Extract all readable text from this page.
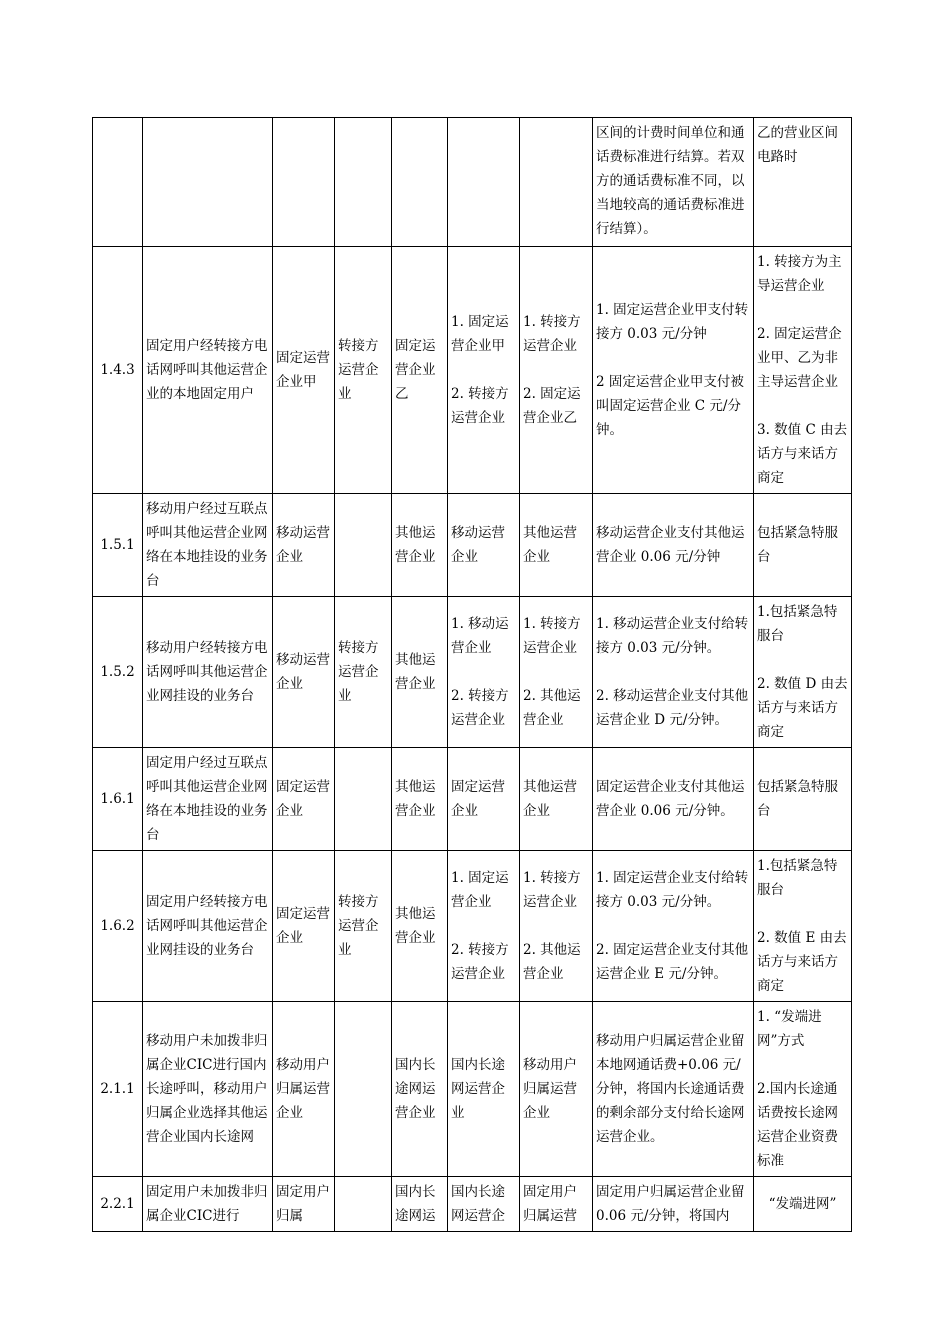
							区间的计费时间单位和通话费标准进行结算。若双方的通话费标准不同，以当地较高的通话费标准进行结算）。	乙的营业区间电路时

1.4.3	固定用户经转接方电话网呼叫其他运营企业的本地固定用户	固定运营企业甲	转接方运营企业	固定运营企业乙	1. 固定运营企业甲
2. 转接方运营企业	1. 转接方运营企业
2. 固定运营企业乙	1. 固定运营企业甲支付转接方 0.03 元/分钟
2 固定运营企业甲支付被叫固定运营企业 C 元/分钟。	1. 转接方为主导运营企业
2. 固定运营企业甲、乙为非主导运营企业
3. 数值 C 由去话方与来话方商定

1.5.1	移动用户经过互联点呼叫其他运营企业网络在本地挂设的业务台	移动运营企业		其他运营企业	移动运营企业	其他运营企业	移动运营企业支付其他运营企业 0.06 元/分钟	包括紧急特服台

1.5.2	移动用户经转接方电话网呼叫其他运营企业网挂设的业务台	移动运营企业	转接方运营企业	其他运营企业	1. 移动运营企业
2. 转接方运营企业	1. 转接方运营企业
2. 其他运营企业	1. 移动运营企业支付给转接方 0.03 元/分钟。
2. 移动运营企业支付其他运营企业 D 元/分钟。	1.包括紧急特服台
2. 数值 D 由去话方与来话方商定

1.6.1	固定用户经过互联点呼叫其他运营企业网络在本地挂设的业务台	固定运营企业		其他运营企业	固定运营企业	其他运营企业	固定运营企业支付其他运营企业 0.06 元/分钟。	包括紧急特服台

1.6.2	固定用户经转接方电话网呼叫其他运营企业网挂设的业务台	固定运营企业	转接方运营企业	其他运营企业	1. 固定运营企业
2. 转接方运营企业	1. 转接方运营企业
2. 其他运营企业	1. 固定运营企业支付给转接方 0.03 元/分钟。
2. 固定运营企业支付其他运营企业 E 元/分钟。	1.包括紧急特服台
2. 数值 E 由去话方与来话方商定

2.1.1	移动用户未加拨非归属企业CIC进行国内长途呼叫，移动用户归属企业选择其他运营企业国内长途网	移动用户归属运营企业		国内长途网运营企业	国内长途网运营企业	移动用户归属运营企业	移动用户归属运营企业留本地网通话费+0.06 元/分钟，将国内长途通话费的剩余部分支付给长途网运营企业。	1. “发端进网”方式
2.国内长途通话费按长途网运营企业资费标准

2.2.1	固定用户未加拨非归属企业CIC进行	固定用户归属		国内长途网运	国内长途网运营企	固定用户归属运营	固定用户归属运营企业留 0.06 元/分钟，将国内	“发端进网”
